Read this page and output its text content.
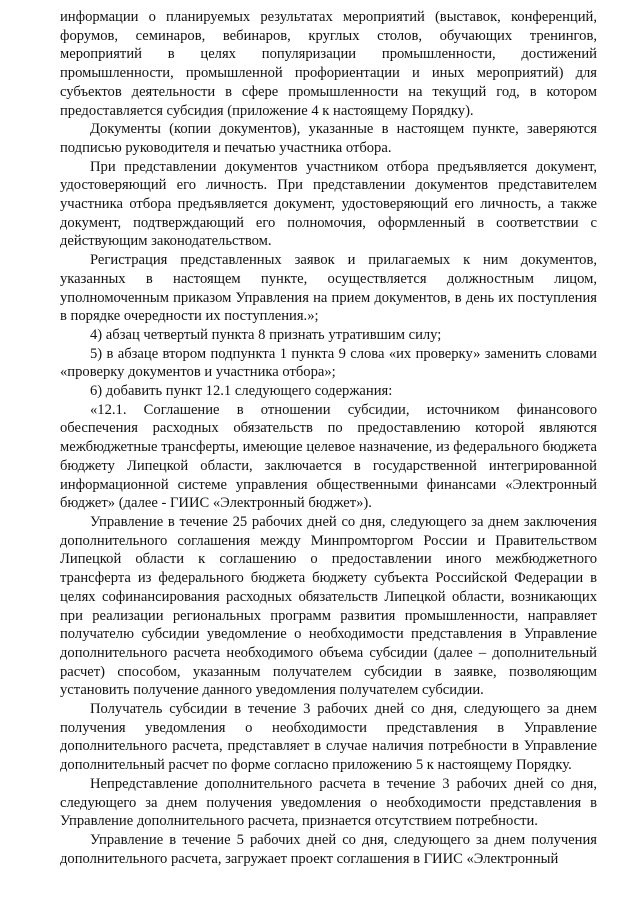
информации о планируемых результатах мероприятий (выставок, конференций, форумов, семинаров, вебинаров, круглых столов, обучающих тренингов, мероприятий в целях популяризации промышленности, достижений промышленности, промышленной профориентации и иных мероприятий) для субъектов деятельности в сфере промышленности на текущий год, в котором предоставляется субсидия (приложение 4 к настоящему Порядку).

Документы (копии документов), указанные в настоящем пункте, заверяются подписью руководителя и печатью участника отбора.

При представлении документов участником отбора предъявляется документ, удостоверяющий его личность. При представлении документов представителем участника отбора предъявляется документ, удостоверяющий его личность, а также документ, подтверждающий его полномочия, оформленный в соответствии с действующим законодательством.

Регистрация представленных заявок и прилагаемых к ним документов, указанных в настоящем пункте, осуществляется должностным лицом, уполномоченным приказом Управления на прием документов, в день их поступления в порядке очередности их поступления.»;

4) абзац четвертый пункта 8 признать утратившим силу;

5) в абзаце втором подпункта 1 пункта 9 слова «их проверку» заменить словами «проверку документов и участника отбора»;

6) добавить пункт 12.1 следующего содержания:

«12.1. Соглашение в отношении субсидии, источником финансового обеспечения расходных обязательств по предоставлению которой являются межбюджетные трансферты, имеющие целевое назначение, из федерального бюджета бюджету Липецкой области, заключается в государственной интегрированной информационной системе управления общественными финансами «Электронный бюджет» (далее - ГИИС «Электронный бюджет»).

Управление в течение 25 рабочих дней со дня, следующего за днем заключения дополнительного соглашения между Минпромторгом России и Правительством Липецкой области к соглашению о предоставлении иного межбюджетного трансферта из федерального бюджета бюджету субъекта Российской Федерации в целях софинансирования расходных обязательств Липецкой области, возникающих при реализации региональных программ развития промышленности, направляет получателю субсидии уведомление о необходимости представления в Управление дополнительного расчета необходимого объема субсидии (далее – дополнительный расчет) способом, указанным получателем субсидии в заявке, позволяющим установить получение данного уведомления получателем субсидии.

Получатель субсидии в течение 3 рабочих дней со дня, следующего за днем получения уведомления о необходимости представления в Управление дополнительного расчета, представляет в случае наличия потребности в Управление дополнительный расчет по форме согласно приложению 5 к настоящему Порядку.

Непредставление дополнительного расчета в течение 3 рабочих дней со дня, следующего за днем получения уведомления о необходимости представления в Управление дополнительного расчета, признается отсутствием потребности.

Управление в течение 5 рабочих дней со дня, следующего за днем получения дополнительного расчета, загружает проект соглашения в ГИИС «Электронный
